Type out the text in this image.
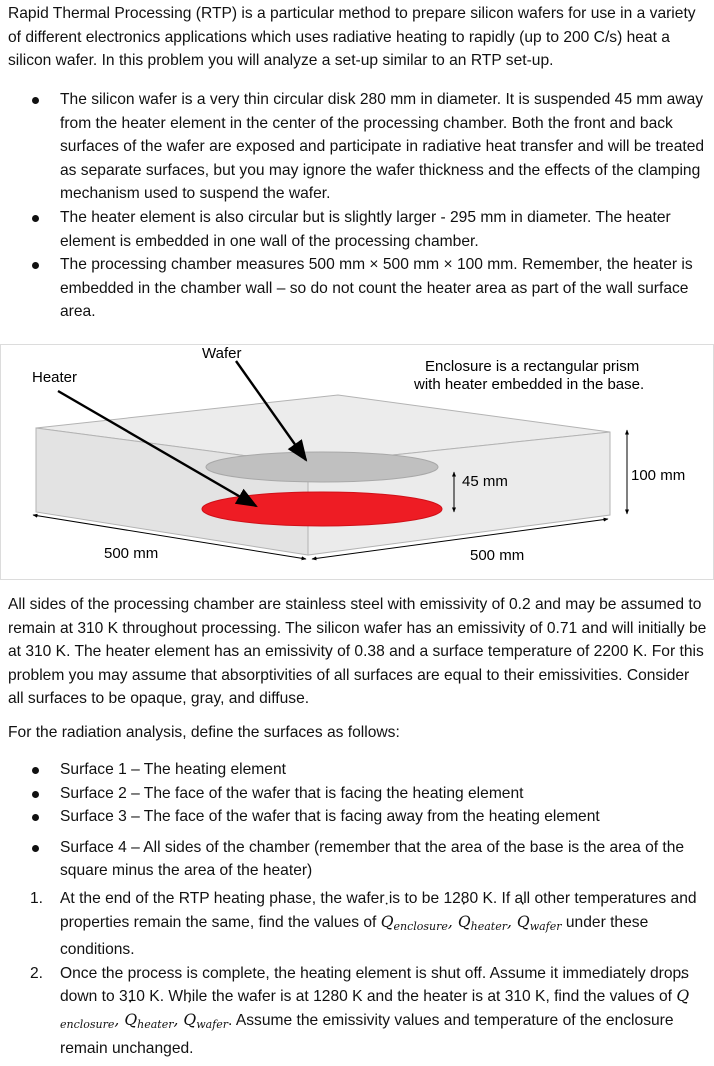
Rapid Thermal Processing (RTP) is a particular method to prepare silicon wafers for use in a variety of different electronics applications which uses radiative heating to rapidly (up to 200 C/s) heat a silicon wafer. In this problem you will analyze a set-up similar to an RTP set-up.

The silicon wafer is a very thin circular disk 280 mm in diameter. It is suspended 45 mm away from the heater element in the center of the processing chamber. Both the front and back surfaces of the wafer are exposed and participate in radiative heat transfer and will be treated as separate surfaces, but you may ignore the wafer thickness and the effects of the clamping mechanism used to suspend the wafer.
The heater element is also circular but is slightly larger - 295 mm in diameter. The heater element is embedded in one wall of the processing chamber.
The processing chamber measures 500 mm × 500 mm × 100 mm. Remember, the heater is embedded in the chamber wall – so do not count the heater area as part of the wall surface area.
Heater
Wafer
Enclosure is a rectangular prism
with heater embedded in the base.
45 mm	100 mm
500 mm	500 mm

All sides of the processing chamber are stainless steel with emissivity of 0.2 and may be assumed to remain at 310 K throughout processing. The silicon wafer has an emissivity of 0.71 and will initially be at 310 K. The heater element has an emissivity of 0.38 and a surface temperature of 2200 K. For this problem you may assume that absorptivities of all surfaces are equal to their emissivities. Consider all surfaces to be opaque, gray, and diffuse.

For the radiation analysis, define the surfaces as follows:

Surface 1 – The heating element
Surface 2 – The face of the wafer that is facing the heating element
Surface 3 – The face of the wafer that is facing away from the heating element
Surface 4 – All sides of the chamber (remember that the area of the base is the area of the square minus the area of the heater)
1. At the end of the RTP heating phase, the wafer is to be 1280 K. If all other temperatures and properties remain the same, find the values of Q $˙_{enclosure}$, Q $˙_{heater}$, Q $˙_{wafer}$ under these conditions.
2. Once the process is complete, the heating element is shut off. Assume it immediately drops down to 310 K. While the wafer is at 1280 K and the heater is at 310 K, find the values of Q $˙_{enclosure}$, Q $˙_{heater}$, Q $˙_{wafer}$. Assume the emissivity values and temperature of the enclosure remain unchanged.
